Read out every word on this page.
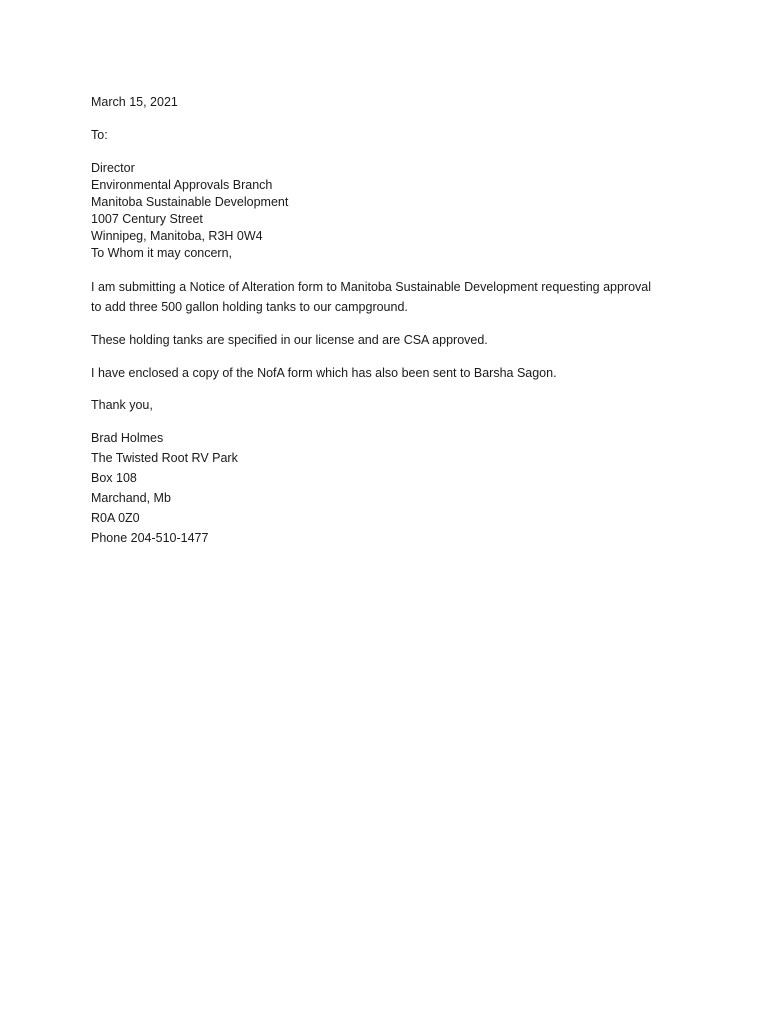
March 15, 2021
To:
Director
Environmental Approvals Branch
Manitoba Sustainable Development
1007 Century Street
Winnipeg, Manitoba, R3H 0W4
To Whom it may concern,
I am submitting a Notice of Alteration form to Manitoba Sustainable Development requesting approval
to add three 500 gallon holding tanks to our campground.
These holding tanks are specified in our license and are CSA approved.
I have enclosed a copy of the NofA form which has also been sent to Barsha Sagon.
Thank you,
Brad Holmes
The Twisted Root RV Park
Box 108
Marchand, Mb
R0A 0Z0
Phone 204-510-1477
